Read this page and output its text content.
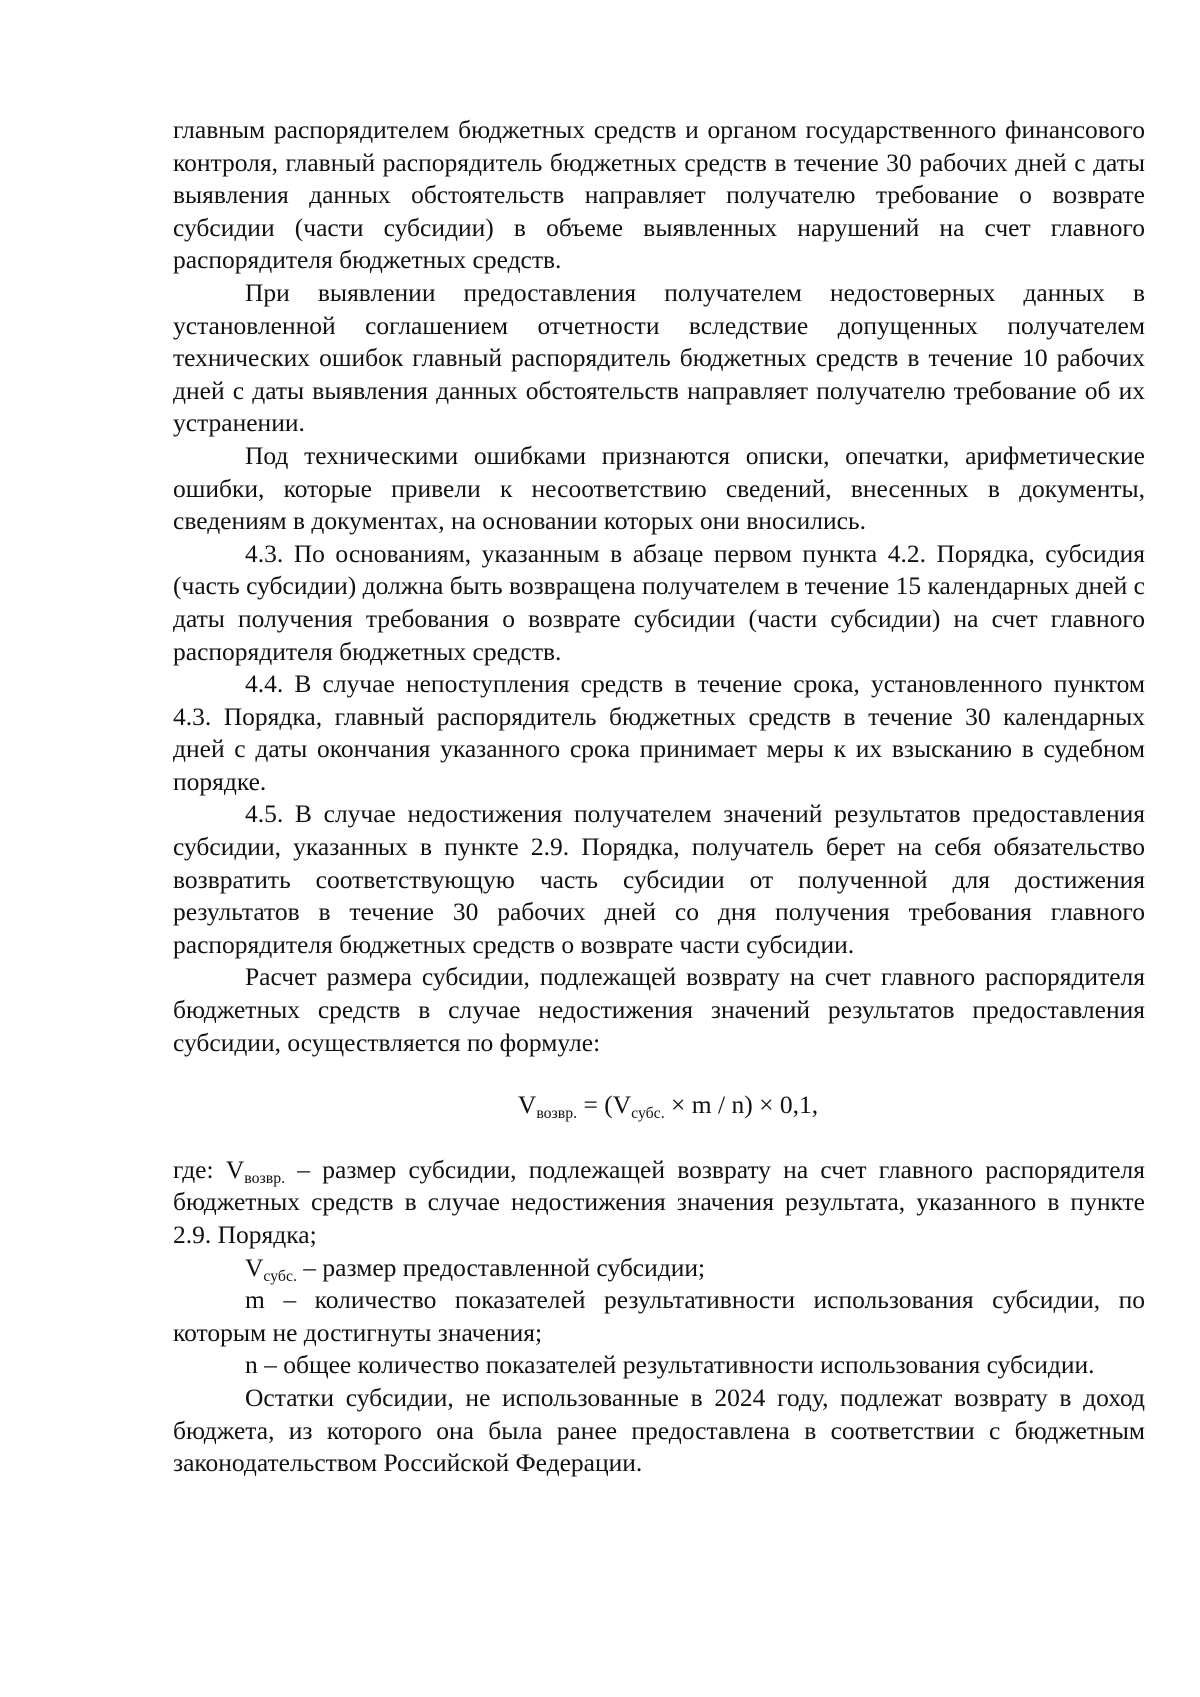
главным распорядителем бюджетных средств и органом государственного финансового контроля, главный распорядитель бюджетных средств в течение 30 рабочих дней с даты выявления данных обстоятельств направляет получателю требование о возврате субсидии (части субсидии) в объеме выявленных нарушений на счет главного распорядителя бюджетных средств.

При выявлении предоставления получателем недостоверных данных в установленной соглашением отчетности вследствие допущенных получателем технических ошибок главный распорядитель бюджетных средств в течение 10 рабочих дней с даты выявления данных обстоятельств направляет получателю требование об их устранении.

Под техническими ошибками признаются описки, опечатки, арифметические ошибки, которые привели к несоответствию сведений, внесенных в документы, сведениям в документах, на основании которых они вносились.

4.3. По основаниям, указанным в абзаце первом пункта 4.2. Порядка, субсидия (часть субсидии) должна быть возвращена получателем в течение 15 календарных дней с даты получения требования о возврате субсидии (части субсидии) на счет главного распорядителя бюджетных средств.

4.4. В случае непоступления средств в течение срока, установленного пунктом 4.3. Порядка, главный распорядитель бюджетных средств в течение 30 календарных дней с даты окончания указанного срока принимает меры к их взысканию в судебном порядке.

4.5. В случае недостижения получателем значений результатов предоставления субсидии, указанных в пункте 2.9. Порядка, получатель берет на себя обязательство возвратить соответствующую часть субсидии от полученной для достижения результатов в течение 30 рабочих дней со дня получения требования главного распорядителя бюджетных средств о возврате части субсидии.

Расчет размера субсидии, подлежащей возврату на счет главного распорядителя бюджетных средств в случае недостижения значений результатов предоставления субсидии, осуществляется по формуле:

$V_{возвр.} = (V_{субс.} \times m / n) \times 0,1$,

где: $V_{возвр.}$ – размер субсидии, подлежащей возврату на счет главного распорядителя бюджетных средств в случае недостижения значения результата, указанного в пункте 2.9. Порядка;

$V_{субс.}$ – размер предоставленной субсидии;

m – количество показателей результативности использования субсидии, по которым не достигнуты значения;

n – общее количество показателей результативности использования субсидии.

Остатки субсидии, не использованные в 2024 году, подлежат возврату в доход бюджета, из которого она была ранее предоставлена в соответствии с бюджетным законодательством Российской Федерации.
